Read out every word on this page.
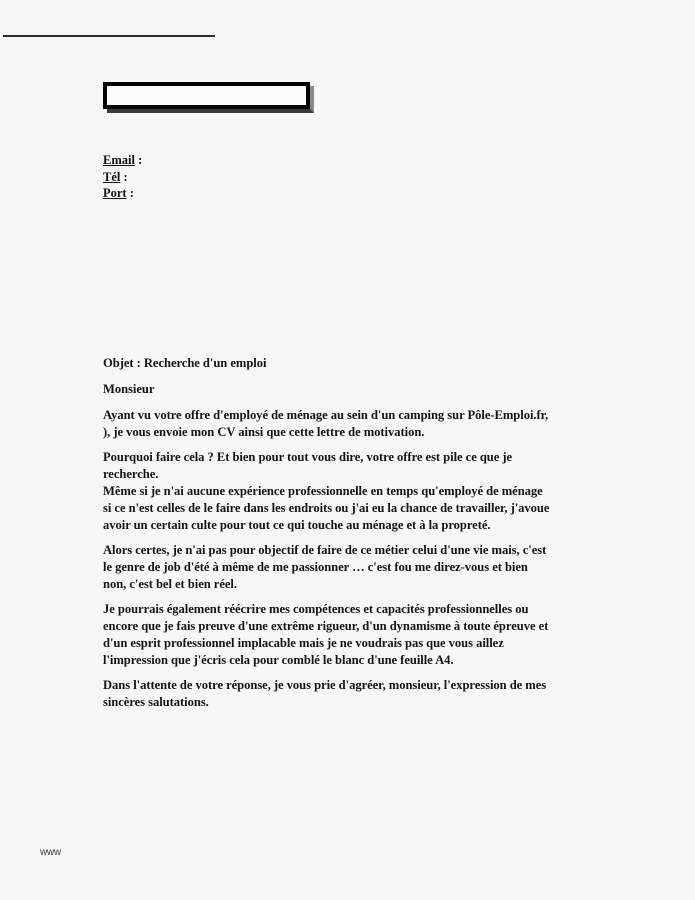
Email :
Tél :
Port :

Objet : Recherche d'un emploi

Monsieur

Ayant vu votre offre d'employé de ménage au sein d'un camping sur Pôle-Emploi.fr,

), je vous envoie mon CV ainsi que cette lettre de motivation.

Pourquoi faire cela ? Et bien pour tout vous dire, votre offre est pile ce que je

recherche.

Même si je n'ai aucune expérience professionnelle en temps qu'employé de ménage

si ce n'est celles de le faire dans les endroits ou j'ai eu la chance de travailler, j'avoue

avoir un certain culte pour tout ce qui touche au ménage et à la propreté.

Alors certes, je n'ai pas pour objectif de faire de ce métier celui d'une vie mais, c'est

le genre de job d'été à même de me passionner … c'est fou me direz-vous et bien

non, c'est bel et bien réel.

Je pourrais également réécrire mes compétences et capacités professionnelles ou

encore que je fais preuve d'une extrême rigueur, d'un dynamisme à toute épreuve et

d'un esprit professionnel implacable mais je ne voudrais pas que vous aillez

l'impression que j'écris cela pour comblé le blanc d'une feuille A4.

Dans l'attente de votre réponse, je vous prie d'agréer, monsieur, l'expression de mes

sincères salutations.

www
